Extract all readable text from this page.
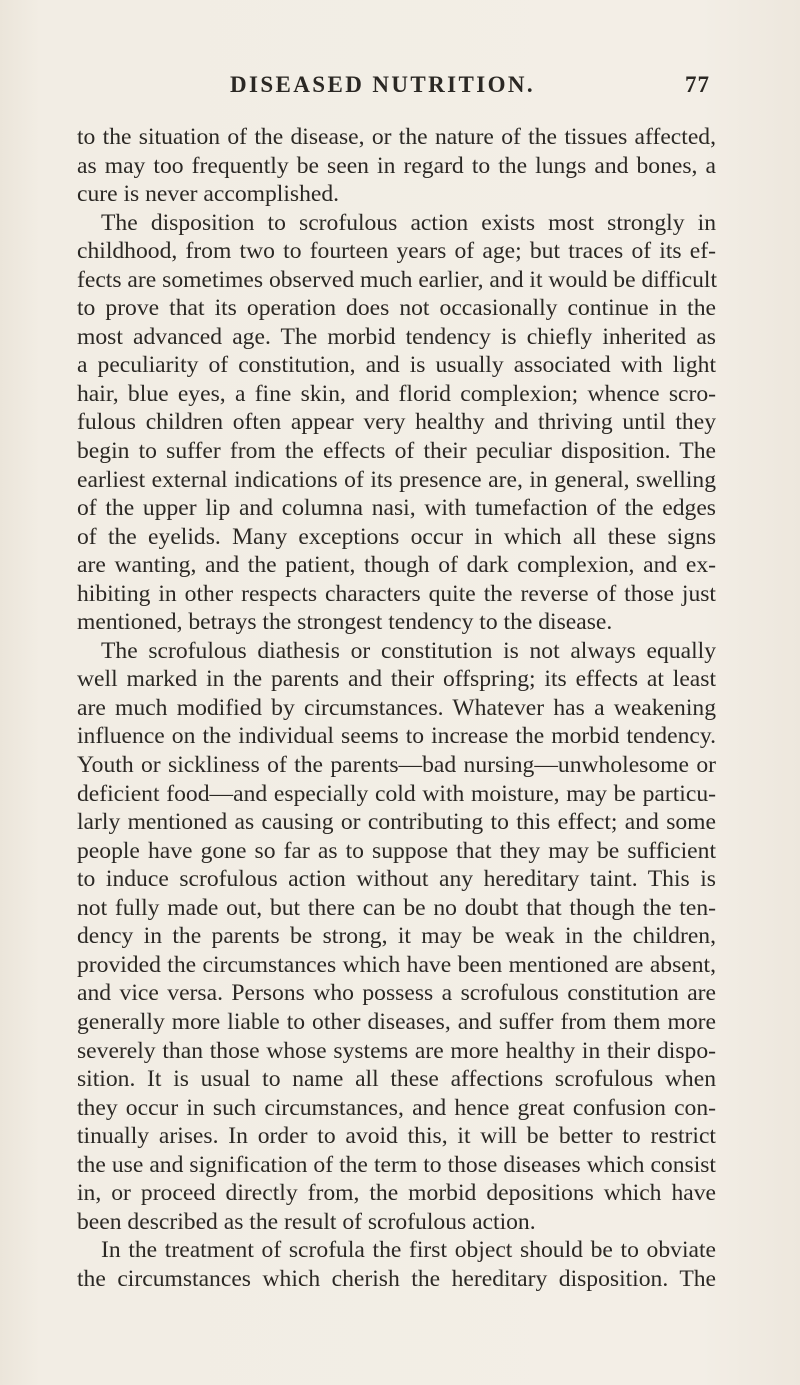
DISEASED NUTRITION.	77
to the situation of the disease, or the nature of the tissues affected,
as may too frequently be seen in regard to the lungs and bones, a
cure is never accomplished.
The disposition to scrofulous action exists most strongly in
childhood, from two to fourteen years of age; but traces of its ef-
fects are sometimes observed much earlier, and it would be difficult
to prove that its operation does not occasionally continue in the
most advanced age. The morbid tendency is chiefly inherited as
a peculiarity of constitution, and is usually associated with light
hair, blue eyes, a fine skin, and florid complexion; whence scro-
fulous children often appear very healthy and thriving until they
begin to suffer from the effects of their peculiar disposition. The
earliest external indications of its presence are, in general, swelling
of the upper lip and columna nasi, with tumefaction of the edges
of the eyelids. Many exceptions occur in which all these signs
are wanting, and the patient, though of dark complexion, and ex-
hibiting in other respects characters quite the reverse of those just
mentioned, betrays the strongest tendency to the disease.
The scrofulous diathesis or constitution is not always equally
well marked in the parents and their offspring; its effects at least
are much modified by circumstances. Whatever has a weakening
influence on the individual seems to increase the morbid tendency.
Youth or sickliness of the parents—bad nursing—unwholesome or
deficient food—and especially cold with moisture, may be particu-
larly mentioned as causing or contributing to this effect; and some
people have gone so far as to suppose that they may be sufficient
to induce scrofulous action without any hereditary taint. This is
not fully made out, but there can be no doubt that though the ten-
dency in the parents be strong, it may be weak in the children,
provided the circumstances which have been mentioned are absent,
and vice versa. Persons who possess a scrofulous constitution are
generally more liable to other diseases, and suffer from them more
severely than those whose systems are more healthy in their dispo-
sition. It is usual to name all these affections scrofulous when
they occur in such circumstances, and hence great confusion con-
tinually arises. In order to avoid this, it will be better to restrict
the use and signification of the term to those diseases which consist
in, or proceed directly from, the morbid depositions which have
been described as the result of scrofulous action.
In the treatment of scrofula the first object should be to obviate
the circumstances which cherish the hereditary disposition. The
